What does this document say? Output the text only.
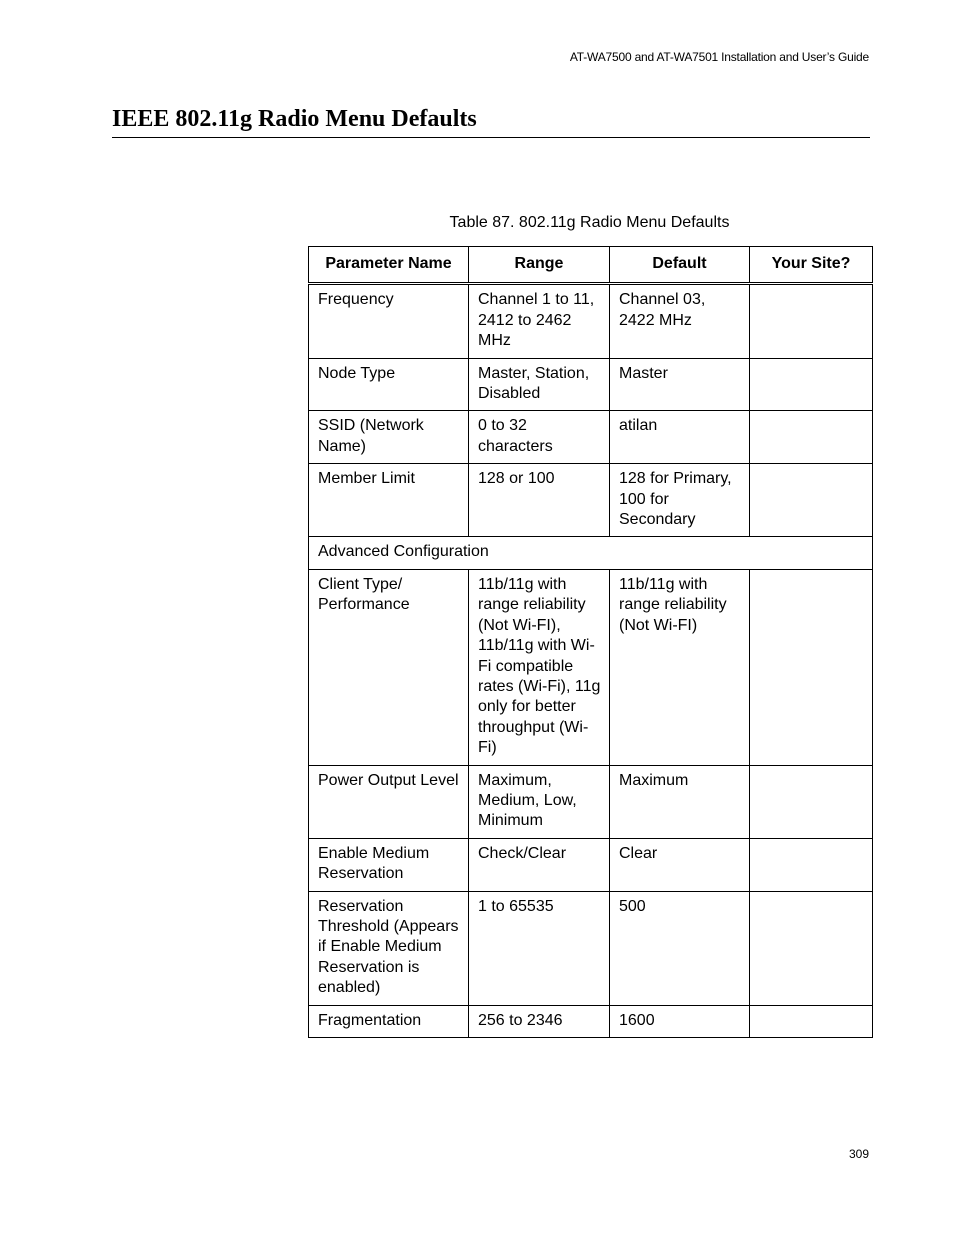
AT-WA7500 and AT-WA7501 Installation and User’s Guide
IEEE 802.11g Radio Menu Defaults
Table 87. 802.11g Radio Menu Defaults
Parameter Name	Range	Default	Your Site?
Frequency	Channel 1 to 11, 2412 to 2462 MHz	Channel 03, 2422 MHz	
Node Type	Master, Station, Disabled	Master	
SSID (Network Name)	0 to 32 characters	atilan	
Member Limit	128 or 100	128 for Primary, 100 for Secondary	
Advanced Configuration			
Client Type/ Performance	11b/11g with range reliability (Not Wi-FI), 11b/11g with Wi-Fi compatible rates (Wi-Fi), 11g only for better throughput (Wi-Fi)	11b/11g with range reliability (Not Wi-FI)	
Power Output Level	Maximum, Medium, Low, Minimum	Maximum	
Enable Medium Reservation	Check/Clear	Clear	
Reservation Threshold (Appears if Enable Medium Reservation is enabled)	1 to 65535	500	
Fragmentation	256 to 2346	1600	
309
